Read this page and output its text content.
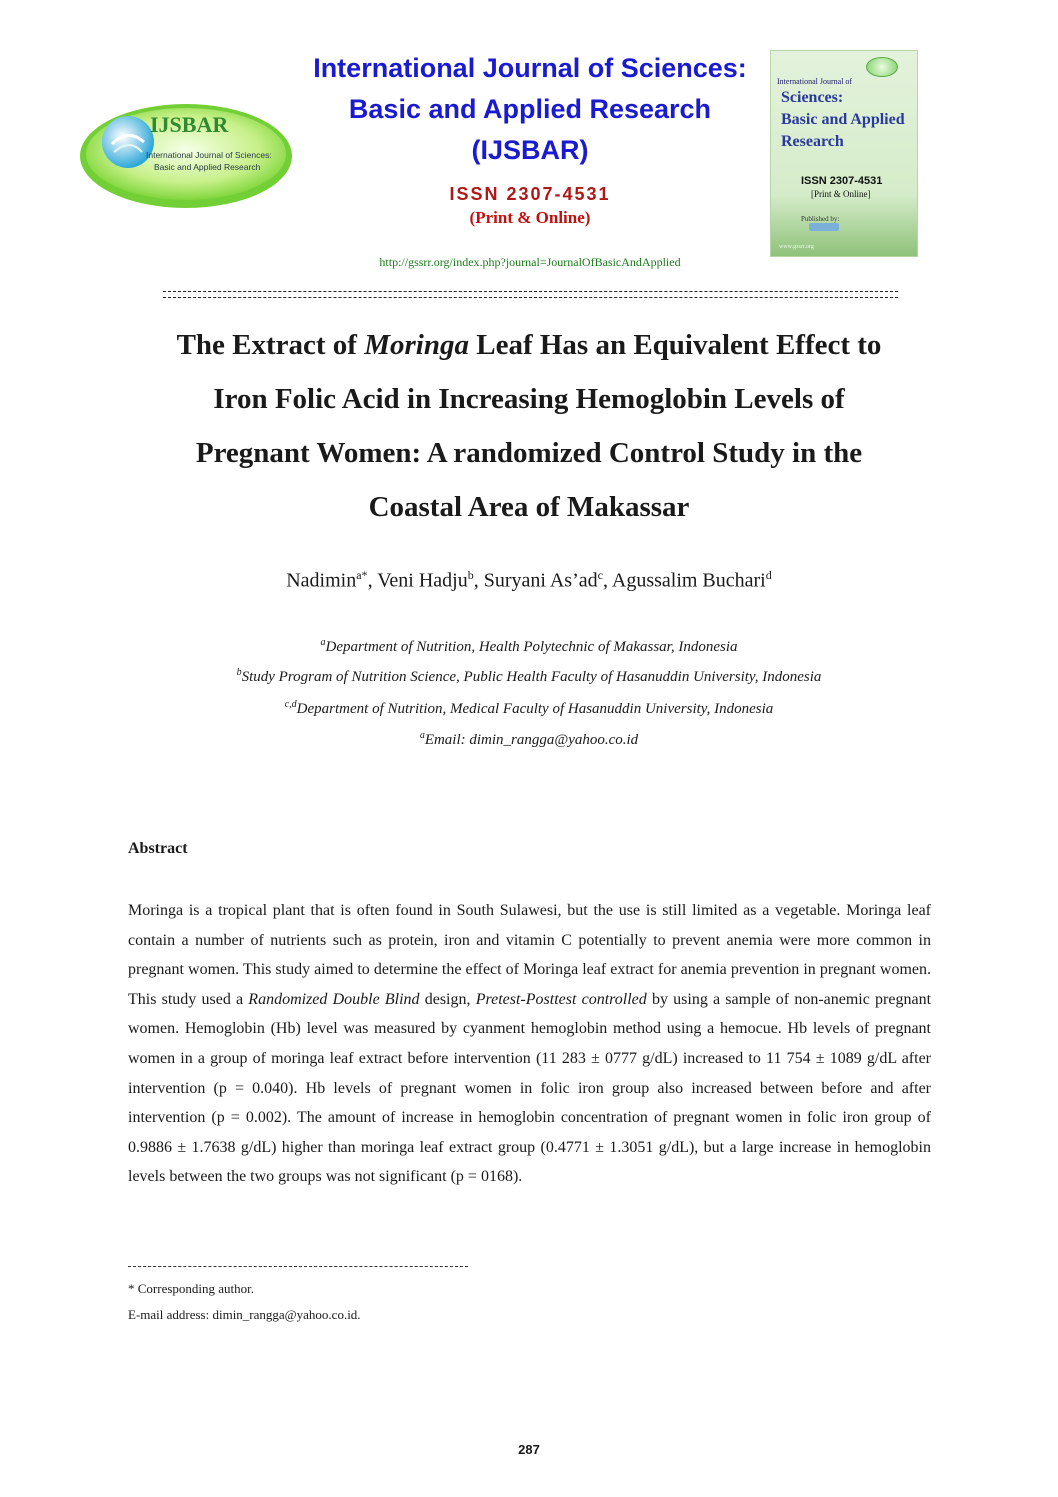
IJSBAR
International Journal of Sciences:
Basic and Applied Research
International Journal of Sciences:
Basic and Applied Research
(IJSBAR)
ISSN 2307-4531
(Print & Online)
http://gssrr.org/index.php?journal=JournalOfBasicAndApplied
International Journal of
Sciences:
Basic and Applied
Research
ISSN 2307-4531
[Print & Online]
Published by:
www.gssrr.org
The Extract of Moringa Leaf Has an Equivalent Effect to
Iron Folic Acid in Increasing Hemoglobin Levels of
Pregnant Women: A randomized Control Study in the
Coastal Area of Makassar
Nadimin$^{a*}$, Veni Hadju$^b$, Suryani $As’ad^c$, Agussalim Buchari$^d$
$^a$Department of Nutrition, Health Polytechnic of Makassar, Indonesia
$^b$Study Program of Nutrition Science, Public Health Faculty of Hasanuddin University, Indonesia
$^{c,d}$Department of Nutrition, Medical Faculty of Hasanuddin University, Indonesia
$^a$Email: dimin_rangga@yahoo.co.id
Abstract

Moringa is a tropical plant that is often found in South Sulawesi, but the use is still limited as a vegetable. Moringa leaf contain a number of nutrients such as protein, iron and vitamin C potentially to prevent anemia were more common in pregnant women. This study aimed to determine the effect of Moringa leaf extract for anemia prevention in pregnant women. This study used a Randomized Double Blind design, Pretest-Posttest controlled by using a sample of non-anemic pregnant women. Hemoglobin (Hb) level was measured by cyanment hemoglobin method using a hemocue. Hb levels of pregnant women in a group of moringa leaf extract before intervention (11 283 ± 0777 g/dL) increased to 11 754 ± 1089 g/dL after intervention (p = 0.040). Hb levels of pregnant women in folic iron group also increased between before and after intervention (p = 0.002). The amount of increase in hemoglobin concentration of pregnant women in folic iron group of 0.9886 ± 1.7638 g/dL) higher than moringa leaf extract group (0.4771 ± 1.3051 g/dL), but a large increase in hemoglobin levels between the two groups was not significant (p = 0168).

* Corresponding author.
E-mail address: dimin_rangga@yahoo.co.id.
287
